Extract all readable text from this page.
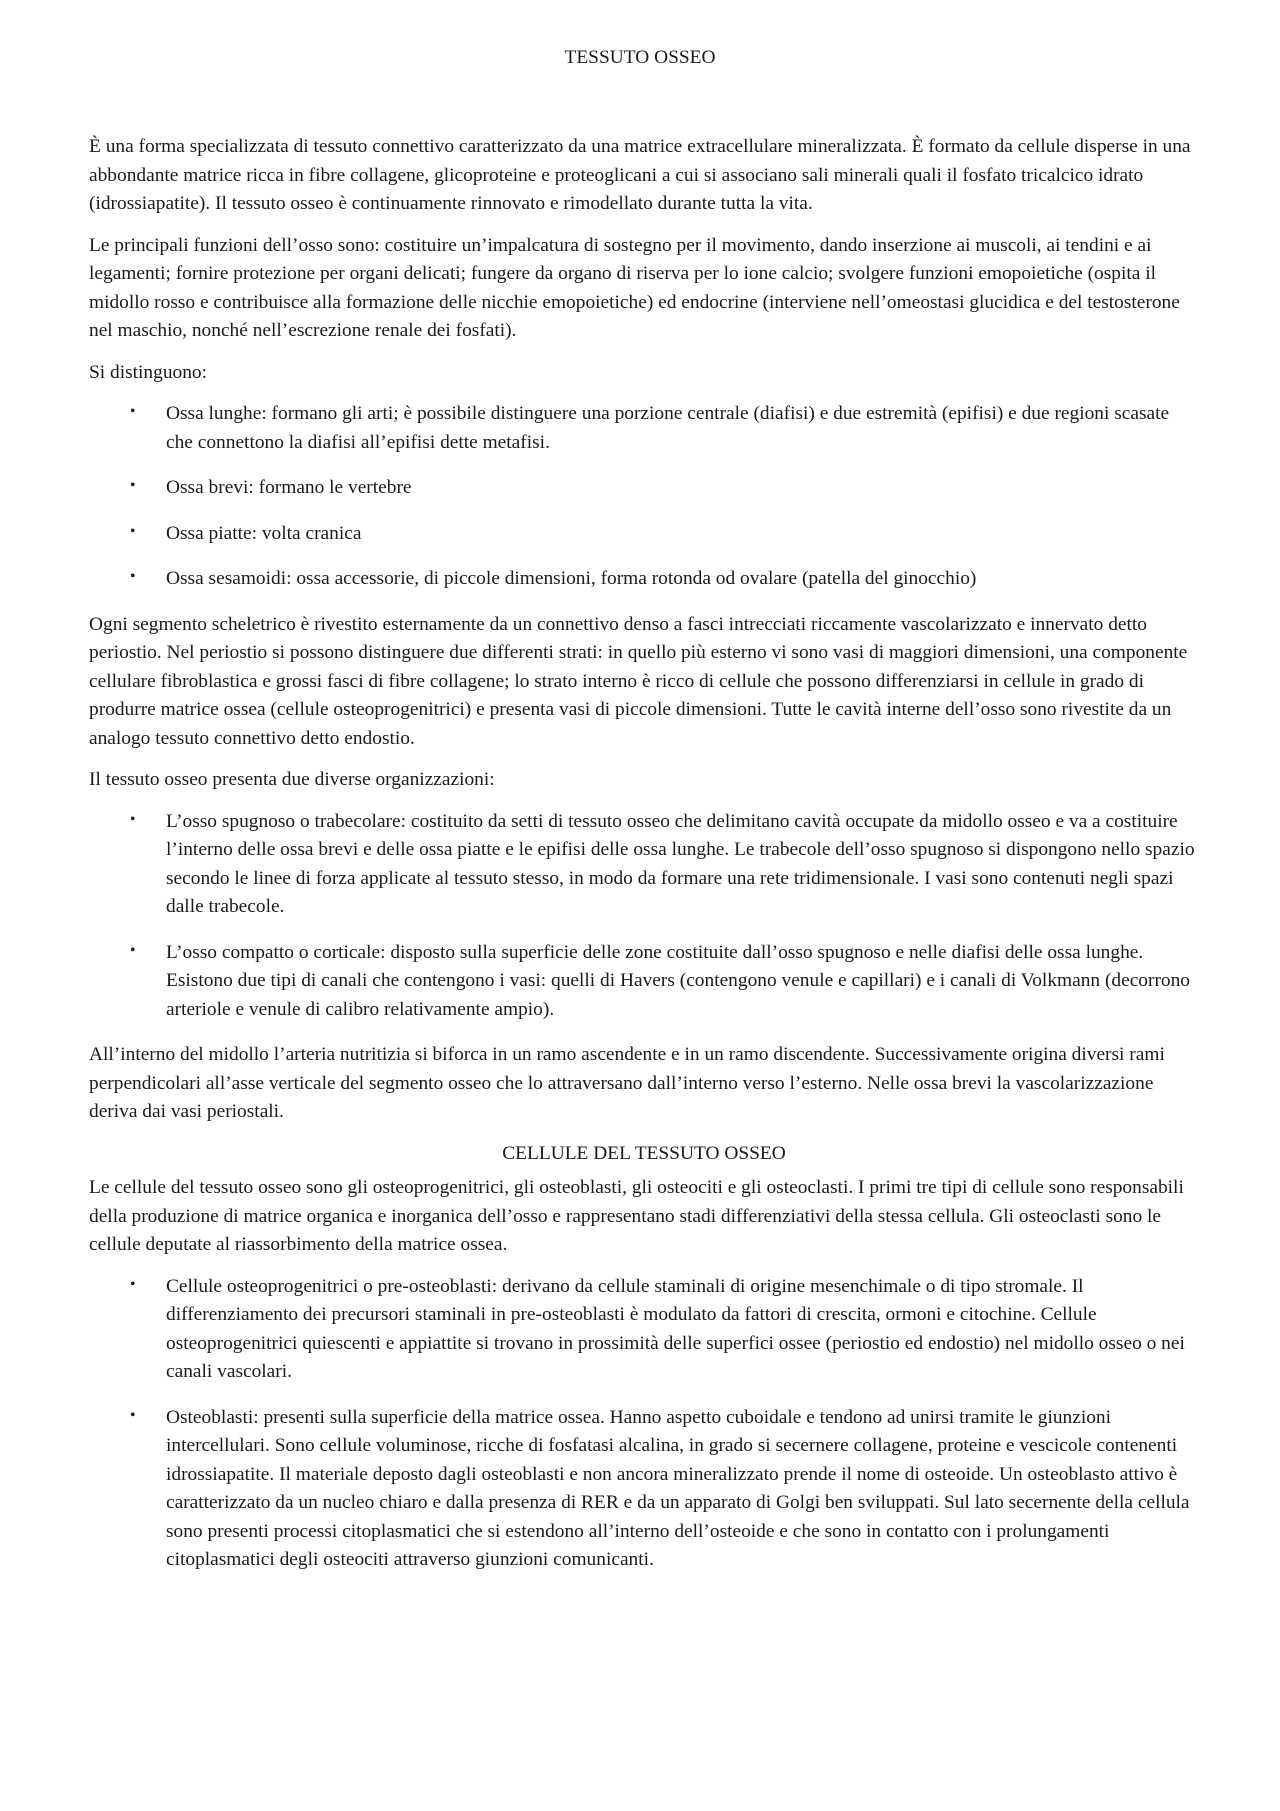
TESSUTO OSSEO

È una forma specializzata di tessuto connettivo caratterizzato da una matrice extracellulare mineralizzata. È formato da cellule disperse in una abbondante matrice ricca in fibre collagene, glicoproteine e proteoglicani a cui si associano sali minerali quali il fosfato tricalcico idrato (idrossiapatite). Il tessuto osseo è continuamente rinnovato e rimodellato durante tutta la vita.

Le principali funzioni dell’osso sono: costituire un’impalcatura di sostegno per il movimento, dando inserzione ai muscoli, ai tendini e ai legamenti; fornire protezione per organi delicati; fungere da organo di riserva per lo ione calcio; svolgere funzioni emopoietiche (ospita il midollo rosso e contribuisce alla formazione delle nicchie emopoietiche) ed endocrine (interviene nell’omeostasi glucidica e del testosterone nel maschio, nonché nell’escrezione renale dei fosfati).

Si distinguono:

• Ossa lunghe: formano gli arti; è possibile distinguere una porzione centrale (diafisi) e due estremità (epifisi) e due regioni scasate che connettono la diafisi all’epifisi dette metafisi.
• Ossa brevi: formano le vertebre
• Ossa piatte: volta cranica
• Ossa sesamoidi: ossa accessorie, di piccole dimensioni, forma rotonda od ovalare (patella del ginocchio)

Ogni segmento scheletrico è rivestito esternamente da un connettivo denso a fasci intrecciati riccamente vascolarizzato e innervato detto periostio. Nel periostio si possono distinguere due differenti strati: in quello più esterno vi sono vasi di maggiori dimensioni, una componente cellulare fibroblastica e grossi fasci di fibre collagene; lo strato interno è ricco di cellule che possono differenziarsi in cellule in grado di produrre matrice ossea (cellule osteoprogenitrici) e presenta vasi di piccole dimensioni. Tutte le cavità interne dell’osso sono rivestite da un analogo tessuto connettivo detto endostio.

Il tessuto osseo presenta due diverse organizzazioni:

• L’osso spugnoso o trabecolare: costituito da setti di tessuto osseo che delimitano cavità occupate da midollo osseo e va a costituire l’interno delle ossa brevi e delle ossa piatte e le epifisi delle ossa lunghe. Le trabecole dell’osso spugnoso si dispongono nello spazio secondo le linee di forza applicate al tessuto stesso, in modo da formare una rete tridimensionale. I vasi sono contenuti negli spazi dalle trabecole.
• L’osso compatto o corticale: disposto sulla superficie delle zone costituite dall’osso spugnoso e nelle diafisi delle ossa lunghe. Esistono due tipi di canali che contengono i vasi: quelli di Havers (contengono venule e capillari) e i canali di Volkmann (decorrono arteriole e venule di calibro relativamente ampio).

All’interno del midollo l’arteria nutritizia si biforca in un ramo ascendente e in un ramo discendente. Successivamente origina diversi rami perpendicolari all’asse verticale del segmento osseo che lo attraversano dall’interno verso l’esterno. Nelle ossa brevi la vascolarizzazione deriva dai vasi periostali.

CELLULE DEL TESSUTO OSSEO

Le cellule del tessuto osseo sono gli osteoprogenitrici, gli osteoblasti, gli osteociti e gli osteoclasti. I primi tre tipi di cellule sono responsabili della produzione di matrice organica e inorganica dell’osso e rappresentano stadi differenziativi della stessa cellula. Gli osteoclasti sono le cellule deputate al riassorbimento della matrice ossea.

• Cellule osteoprogenitrici o pre-osteoblasti: derivano da cellule staminali di origine mesenchimale o di tipo stromale. Il differenziamento dei precursori staminali in pre-osteoblasti è modulato da fattori di crescita, ormoni e citochine. Cellule osteoprogenitrici quiescenti e appiattite si trovano in prossimità delle superfici ossee (periostio ed endostio) nel midollo osseo o nei canali vascolari.
• Osteoblasti: presenti sulla superficie della matrice ossea. Hanno aspetto cuboidale e tendono ad unirsi tramite le giunzioni intercellulari. Sono cellule voluminose, ricche di fosfatasi alcalina, in grado si secernere collagene, proteine e vescicole contenenti idrossiapatite. Il materiale deposto dagli osteoblasti e non ancora mineralizzato prende il nome di osteoide. Un osteoblasto attivo è caratterizzato da un nucleo chiaro e dalla presenza di RER e da un apparato di Golgi ben sviluppati. Sul lato secernente della cellula sono presenti processi citoplasmatici che si estendono all’interno dell’osteoide e che sono in contatto con i prolungamenti citoplasmatici degli osteociti attraverso giunzioni comunicanti.
